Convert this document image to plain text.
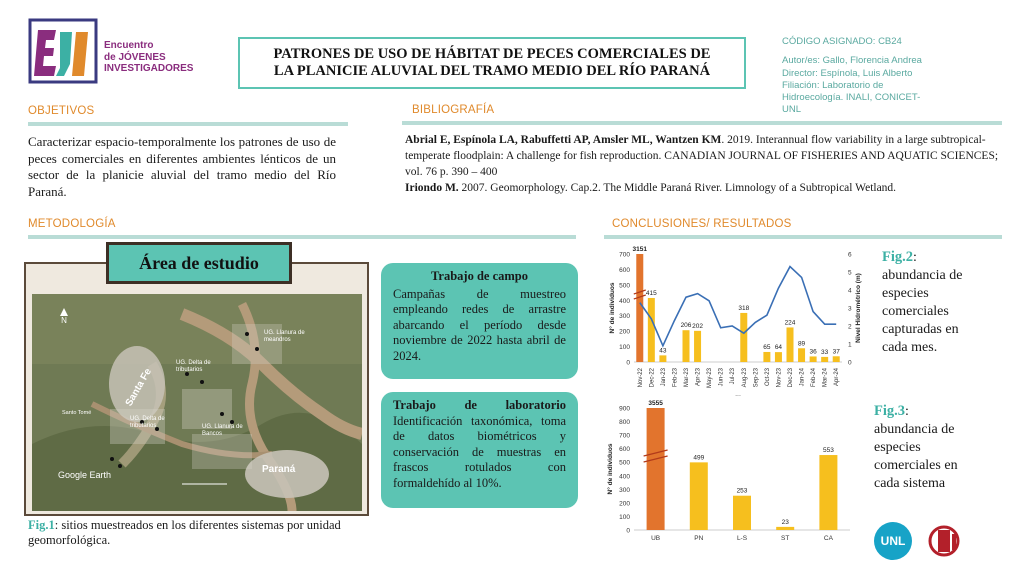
Encuentro
de JÓVENES
INVESTIGADORES
PATRONES DE USO DE HÁBITAT DE PECES COMERCIALES DE
LA PLANICIE ALUVIAL DEL TRAMO MEDIO DEL RÍO PARANÁ
CÓDIGO ASIGNADO: CB24
Autor/es: Gallo, Florencia Andrea
Director: Espínola, Luis Alberto
Filiación: Laboratorio de
Hidroecología. INALI, CONICET-
UNL
OBJETIVOS	BIBLIOGRAFÍA
METODOLOGÍA	CONCLUSIONES/ RESULTADOS

Caracterizar espacio-temporalmente los patrones de uso de peces comerciales en diferentes ambientes lénticos de un sector de la planicie aluvial del tramo medio del Río Paraná.

Abrial E, Espínola LA, Rabuffetti AP, Amsler ML, Wantzen KM. 2019. Interannual flow variability in a large subtropical-temperate floodplain: A challenge for fish reproduction. CANADIAN JOURNAL OF FISHERIES AND AQUATIC SCIENCES; vol. 76 p. 390 – 400

Iriondo M. 2007. Geomorphology. Cap.2. The Middle Paraná River. Limnology of a Subtropical Wetland.

N
Santa Fe
Paraná
UG. Llanura de meandros
UG. Delta de tributarios
UG. Delta de tributarios	UG. Llanura de Bancos
Santo Tomé
Google Earth
Área de estudio

Fig.1: sitios muestreados en los diferentes sistemas por unidad geomorfológica.

Trabajo de campo

Campañas de muestreo empleando redes de arrastre abarcando el período desde noviembre de 2022 hasta abril de 2024.

Trabajo de laboratorio Identificación taxonómica, toma de datos biométricos y conservación de muestras en frascos rotulados con formaldehído al 10%.

0
100
200
300
400
500
600
700
0
1
2
3
4
5
6
N° de individuos	Nivel Hidrométrico (m)
3151
Nov-22
415
Dec-22
43
Jan-23 Feb-23
206
Mar-23
202
Apr-23 May-23 Jun-23 Jul-23
318
Aug-23 Sep-23
65
Oct-23
64
Nov-23
224
Dec-23
89
Jan-24
36
Feb-24
33
Mar-24
37
Apr-24
...

Fig.2: abundancia de especies comerciales capturadas en cada mes.

0
100
200
300
400
500
600
700
800
900
N° de individuos
3555
UB
499
PN
253
L-S
23
ST
553
CA

Fig.3: abundancia de especies comerciales en cada sistema

UNL
